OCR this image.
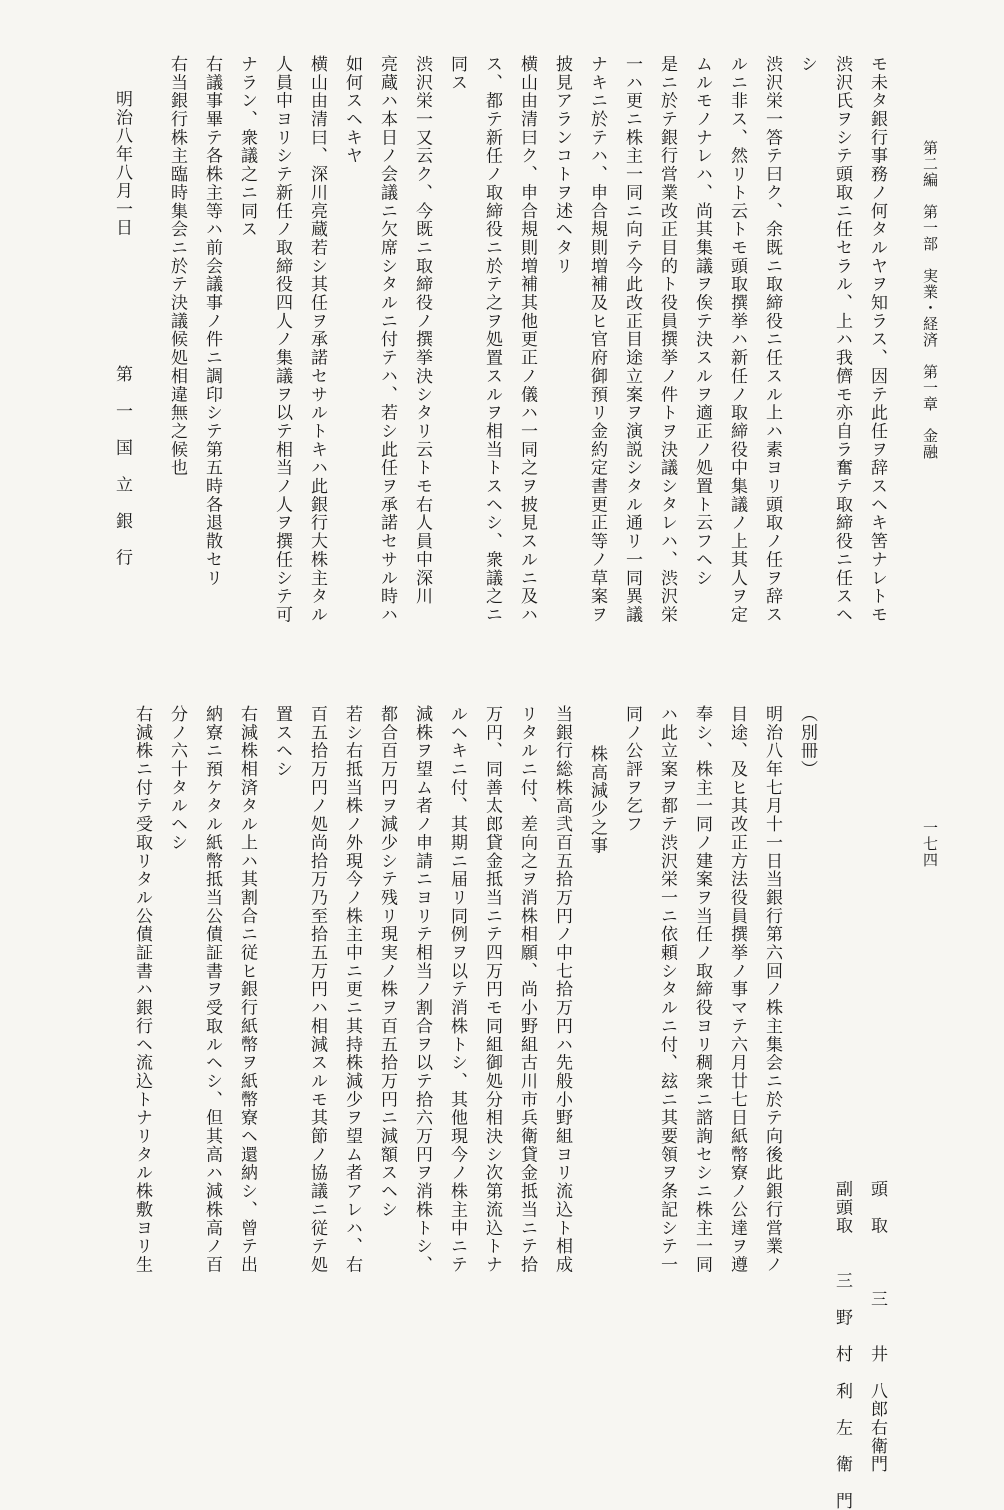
第二編　第一部　実業・経済　第一章　金融
一七四
モ未タ銀行事務ノ何タルヤヲ知ラス、因テ此任ヲ辞スヘキ筈ナレトモ
渋沢氏ヲシテ頭取ニ任セラル、上ハ我儕モ亦自ラ奮テ取締役ニ任スヘ
シ
渋沢栄一答テ曰ク、余既ニ取締役ニ任スル上ハ素ヨリ頭取ノ任ヲ辞ス
ルニ非ス、然リト云トモ頭取撰挙ハ新任ノ取締役中集議ノ上其人ヲ定
ムルモノナレハ、尚其集議ヲ俟テ決スルヲ適正ノ処置ト云フヘシ
是ニ於テ銀行営業改正目的ト役員撰挙ノ件トヲ決議シタレハ、渋沢栄
一ハ更ニ株主一同ニ向テ今此改正目途立案ヲ演説シタル通リ一同異議
ナキニ於テハ、申合規則増補及ヒ官府御預リ金約定書更正等ノ草案ヲ
披見アランコトヲ述ヘタリ
横山由清曰ク、申合規則増補其他更正ノ儀ハ一同之ヲ披見スルニ及ハ
ス、都テ新任ノ取締役ニ於テ之ヲ処置スルヲ相当トスヘシ、衆議之ニ
同ス
渋沢栄一又云ク、今既ニ取締役ノ撰挙決シタリ云トモ右人員中深川
亮蔵ハ本日ノ会議ニ欠席シタルニ付テハ、若シ此任ヲ承諾セサル時ハ
如何スヘキヤ
横山由清曰、深川亮蔵若シ其任ヲ承諾セサルトキハ此銀行大株主タル
人員中ヨリシテ新任ノ取締役四人ノ集議ヲ以テ相当ノ人ヲ撰任シテ可
ナラン、衆議之ニ同ス
右議事畢テ各株主等ハ前会議事ノ件ニ調印シテ第五時各退散セリ
右当銀行株主臨時集会ニ於テ決議候処相違無之候也
明治八年八月一日　　　　　　　第　一　国　立　銀　行
頭　取　　　三　　井　八郎右衛門
副頭取　　三　野　村　利　左　衛　門
（別冊）
明治八年七月十一日当銀行第六回ノ株主集会ニ於テ向後此銀行営業ノ
目途、及ヒ其改正方法役員撰挙ノ事マテ六月廿七日紙幣寮ノ公達ヲ遵
奉シ、株主一同ノ建案ヲ当任ノ取締役ヨリ稠衆ニ諮詢セシニ株主一同
ハ此立案ヲ都テ渋沢栄一ニ依頼シタルニ付、玆ニ其要領ヲ条記シテ一
同ノ公評ヲ乞フ
株高減少之事
当銀行総株高弐百五拾万円ノ中七拾万円ハ先般小野組ヨリ流込ト相成
リタルニ付、差向之ヲ消株相願、尚小野組古川市兵衛貸金抵当ニテ拾
万円、同善太郎貸金抵当ニテ四万円モ同組御処分相決シ次第流込トナ
ルヘキニ付、其期ニ届リ同例ヲ以テ消株トシ、其他現今ノ株主中ニテ
減株ヲ望ム者ノ申請ニヨリテ相当ノ割合ヲ以テ拾六万円ヲ消株トシ、
都合百万円ヲ減少シテ残リ現実ノ株ヲ百五拾万円ニ減額スヘシ
若シ右抵当株ノ外現今ノ株主中ニ更ニ其持株減少ヲ望ム者アレハ、右
百五拾万円ノ処尚拾万乃至拾五万円ハ相減スルモ其節ノ協議ニ従テ処
置スヘシ
右減株相済タル上ハ其割合ニ従ヒ銀行紙幣ヲ紙幣寮ヘ還納シ、曾テ出
納寮ニ預ケタル紙幣抵当公債証書ヲ受取ルヘシ、但其高ハ減株高ノ百
分ノ六十タルヘシ
右減株ニ付テ受取リタル公債証書ハ銀行ヘ流込トナリタル株敷ヨリ生
